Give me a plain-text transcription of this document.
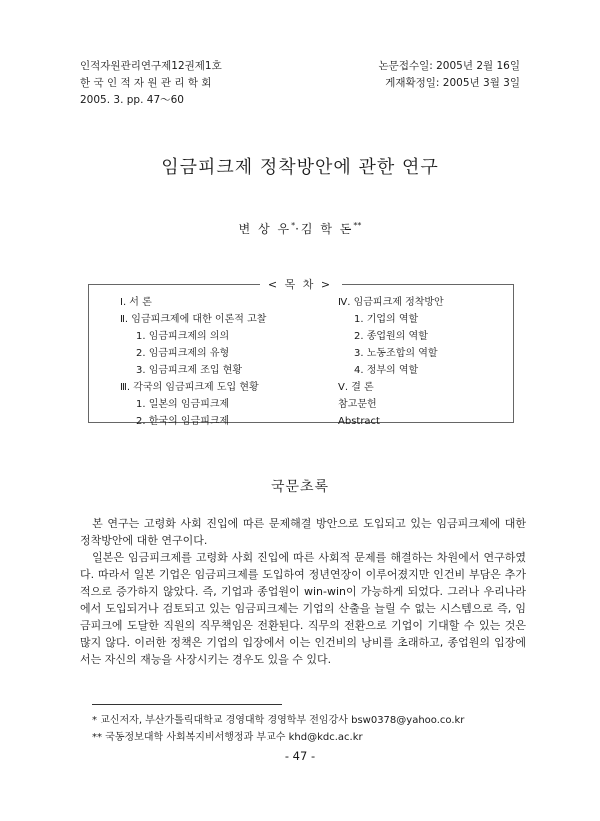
인적자원관리연구제12권제1호
한 국 인 적 자 원 관 리 학 회
2005. 3. pp. 47～60
논문접수일: 2005년 2월 16일
게재확정일: 2005년 3월 3일
임금피크제 정착방안에 관한 연구
변 상 우*·김 학 돈**
< 목 차 >
Ⅰ. 서 론
Ⅱ. 임금피크제에 대한 이론적 고찰
1. 임금피크제의 의의
2. 임금피크제의 유형
3. 임금피크제 조입 현황
Ⅲ. 각국의 임금피크제 도입 현황
1. 일본의 임금피크제
2. 한국의 임금피크제
Ⅳ. 임금피크제 정착방안
1. 기업의 역할
2. 종업원의 역할
3. 노동조합의 역할
4. 정부의 역할
Ⅴ. 결 론
참고문헌
Abstract
국문초록

본 연구는 고령화 사회 진입에 따른 문제해결 방안으로 도입되고 있는 임금피크제에 대한 정착방안에 대한 연구이다.

일본은 임금피크제를 고령화 사회 진입에 따른 사회적 문제를 해결하는 차원에서 연구하였다. 따라서 일본 기업은 임금피크제를 도입하여 정년연장이 이루어졌지만 인건비 부담은 추가적으로 증가하지 않았다. 즉, 기업과 종업원이 win-win이 가능하게 되었다. 그러나 우리나라에서 도입되거나 검토되고 있는 임금피크제는 기업의 산출을 늘릴 수 없는 시스템으로 즉, 임금피크에 도달한 직원의 직무책임은 전환된다. 직무의 전환으로 기업이 기대할 수 있는 것은 많지 않다. 이러한 정책은 기업의 입장에서 이는 인건비의 낭비를 초래하고, 종업원의 입장에서는 자신의 재능을 사장시키는 경우도 있을 수 있다.

* 교신저자, 부산가톨릭대학교 경영대학 경영학부 전임강사 bsw0378@yahoo.co.kr
** 국동정보대학 사회복지비서행정과 부교수 khd@kdc.ac.kr
- 47 -
